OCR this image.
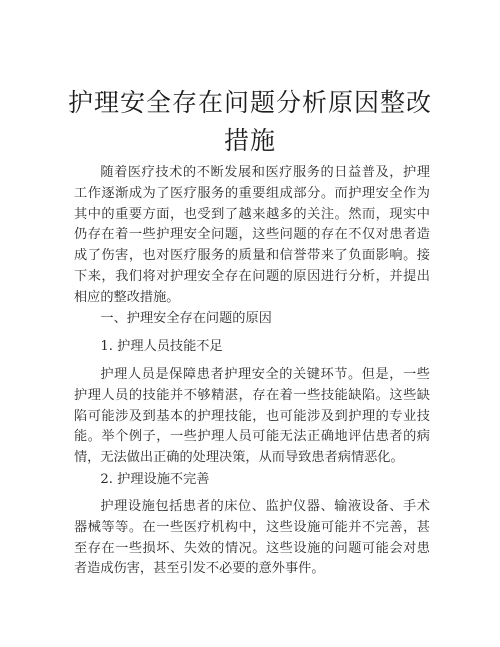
护理安全存在问题分析原因整改措施

随着医疗技术的不断发展和医疗服务的日益普及，护理工作逐渐成为了医疗服务的重要组成部分。而护理安全作为其中的重要方面，也受到了越来越多的关注。然而，现实中仍存在着一些护理安全问题，这些问题的存在不仅对患者造成了伤害，也对医疗服务的质量和信誉带来了负面影响。接下来，我们将对护理安全存在问题的原因进行分析，并提出相应的整改措施。

一、护理安全存在问题的原因

1. 护理人员技能不足

护理人员是保障患者护理安全的关键环节。但是，一些护理人员的技能并不够精湛，存在着一些技能缺陷。这些缺陷可能涉及到基本的护理技能，也可能涉及到护理的专业技能。举个例子，一些护理人员可能无法正确地评估患者的病情，无法做出正确的处理决策，从而导致患者病情恶化。

2. 护理设施不完善

护理设施包括患者的床位、监护仪器、输液设备、手术器械等等。在一些医疗机构中，这些设施可能并不完善，甚至存在一些损坏、失效的情况。这些设施的问题可能会对患者造成伤害，甚至引发不必要的意外事件。
